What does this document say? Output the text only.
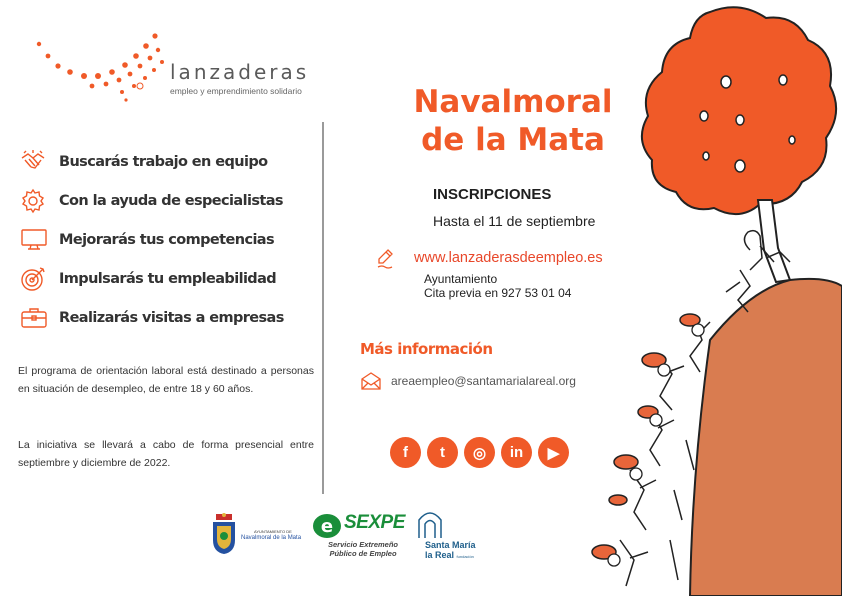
lanzaderas
empleo y emprendimiento solidario
Buscarás trabajo en equipo
Con la ayuda de especialistas
Mejorarás tus competencias
Impulsarás tu empleabilidad
Realizarás visitas a empresas

El programa de orientación laboral está destinado a personas en situación de desempleo, de entre 18 y 60 años.

La iniciativa se llevará a cabo de forma presencial entre septiembre y diciembre de 2022.

Navalmoral
de la Mata
INSCRIPCIONES
Hasta el 11 de septiembre
www.lanzaderasdeempleo.es
Ayuntamiento
Cita previa en 927 53 01 04
Más información
areaempleo@santamarialareal.org
f	t	◎	in	▶
AYUNTAMIENTO DE
Navalmoral de la Mata
e SEXPE
Servicio Extremeño
Público de Empleo
Santa María
la Real fundación
